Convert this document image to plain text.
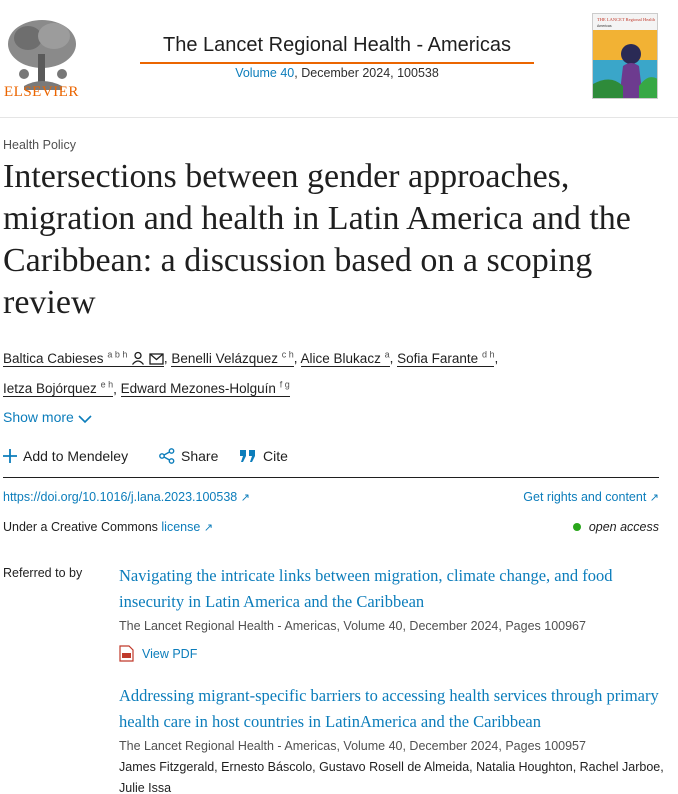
ELSEVIER
The Lancet Regional Health - Americas
Volume 40, December 2024, 100538
THE LANCET Regional Health
Americas
Health Policy
Intersections between gender approaches, migration and health in Latin America and the Caribbean: a discussion based on a scoping review
Baltica Cabieses $^{a b h}$	, Benelli Velázquez $^{c h}$, Alice Blukacz $^a$, Sofia Farante $^{d h}$,
Ietza Bojórquez $^{e h}$, Edward Mezones-Holguín $^{f g}$
Show more
Add to Mendeley	Share	Cite
https://doi.org/10.1016/j.lana.2023.100538 ↗	Get rights and content ↗
Under a Creative Commons license ↗	open access
Referred to by Navigating the intricate links between migration, climate change, and food insecurity in Latin America and the Caribbean
The Lancet Regional Health - Americas, Volume 40, December 2024, Pages 100967
View PDF
Addressing migrant-specific barriers to accessing health services through primary health care in host countries in LatinAmerica and the Caribbean
The Lancet Regional Health - Americas, Volume 40, December 2024, Pages 100957
James Fitzgerald, Ernesto Báscolo, Gustavo Rosell de Almeida, Natalia Houghton, Rachel Jarboe, Julie Issa
